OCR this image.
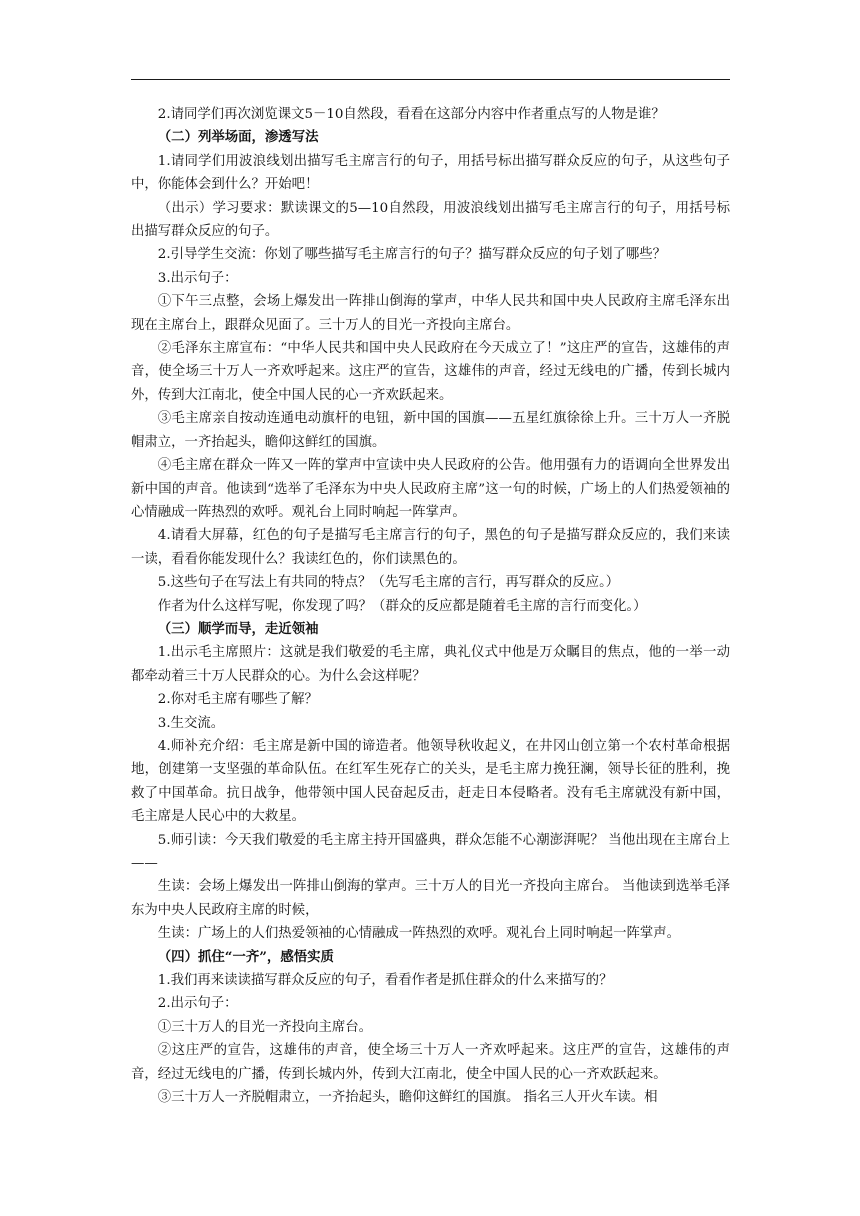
2.请同学们再次浏览课文5－10自然段，看看在这部分内容中作者重点写的人物是谁？

（二）列举场面，渗透写法

1.请同学们用波浪线划出描写毛主席言行的句子，用括号标出描写群众反应的句子，从这些句子中，你能体会到什么？开始吧！

（出示）学习要求：默读课文的5—10自然段，用波浪线划出描写毛主席言行的句子，用括号标出描写群众反应的句子。

2.引导学生交流：你划了哪些描写毛主席言行的句子？描写群众反应的句子划了哪些？

3.出示句子：

①下午三点整，会场上爆发出一阵排山倒海的掌声，中华人民共和国中央人民政府主席毛泽东出现在主席台上，跟群众见面了。三十万人的目光一齐投向主席台。

②毛泽东主席宣布：“中华人民共和国中央人民政府在今天成立了！”这庄严的宣告，这雄伟的声音，使全场三十万人一齐欢呼起来。这庄严的宣告，这雄伟的声音，经过无线电的广播，传到长城内外，传到大江南北，使全中国人民的心一齐欢跃起来。

③毛主席亲自按动连通电动旗杆的电钮，新中国的国旗——五星红旗徐徐上升。三十万人一齐脱帽肃立，一齐抬起头，瞻仰这鲜红的国旗。

④毛主席在群众一阵又一阵的掌声中宣读中央人民政府的公告。他用强有力的语调向全世界发出新中国的声音。他读到“选举了毛泽东为中央人民政府主席”这一句的时候，广场上的人们热爱领袖的心情融成一阵热烈的欢呼。观礼台上同时响起一阵掌声。

4.请看大屏幕，红色的句子是描写毛主席言行的句子，黑色的句子是描写群众反应的，我们来读一读，看看你能发现什么？我读红色的，你们读黑色的。

5.这些句子在写法上有共同的特点？（先写毛主席的言行，再写群众的反应。）

作者为什么这样写呢，你发现了吗？（群众的反应都是随着毛主席的言行而变化。）

（三）顺学而导，走近领袖

1.出示毛主席照片：这就是我们敬爱的毛主席，典礼仪式中他是万众瞩目的焦点，他的一举一动都牵动着三十万人民群众的心。为什么会这样呢？

2.你对毛主席有哪些了解？

3.生交流。

4.师补充介绍：毛主席是新中国的谛造者。他领导秋收起义，在井冈山创立第一个农村革命根据地，创建第一支坚强的革命队伍。在红军生死存亡的关头，是毛主席力挽狂澜，领导长征的胜利，挽救了中国革命。抗日战争，他带领中国人民奋起反击，赶走日本侵略者。没有毛主席就没有新中国，毛主席是人民心中的大救星。

5.师引读：今天我们敬爱的毛主席主持开国盛典，群众怎能不心潮澎湃呢？ 当他出现在主席台上——

生读：会场上爆发出一阵排山倒海的掌声。三十万人的目光一齐投向主席台。 当他读到选举毛泽东为中央人民政府主席的时候，

生读：广场上的人们热爱领袖的心情融成一阵热烈的欢呼。观礼台上同时响起一阵掌声。

（四）抓住“一齐”，感悟实质

1.我们再来读读描写群众反应的句子，看看作者是抓住群众的什么来描写的？

2.出示句子：

①三十万人的目光一齐投向主席台。

②这庄严的宣告，这雄伟的声音，使全场三十万人一齐欢呼起来。这庄严的宣告，这雄伟的声音，经过无线电的广播，传到长城内外，传到大江南北，使全中国人民的心一齐欢跃起来。

③三十万人一齐脱帽肃立，一齐抬起头，瞻仰这鲜红的国旗。 指名三人开火车读。相
